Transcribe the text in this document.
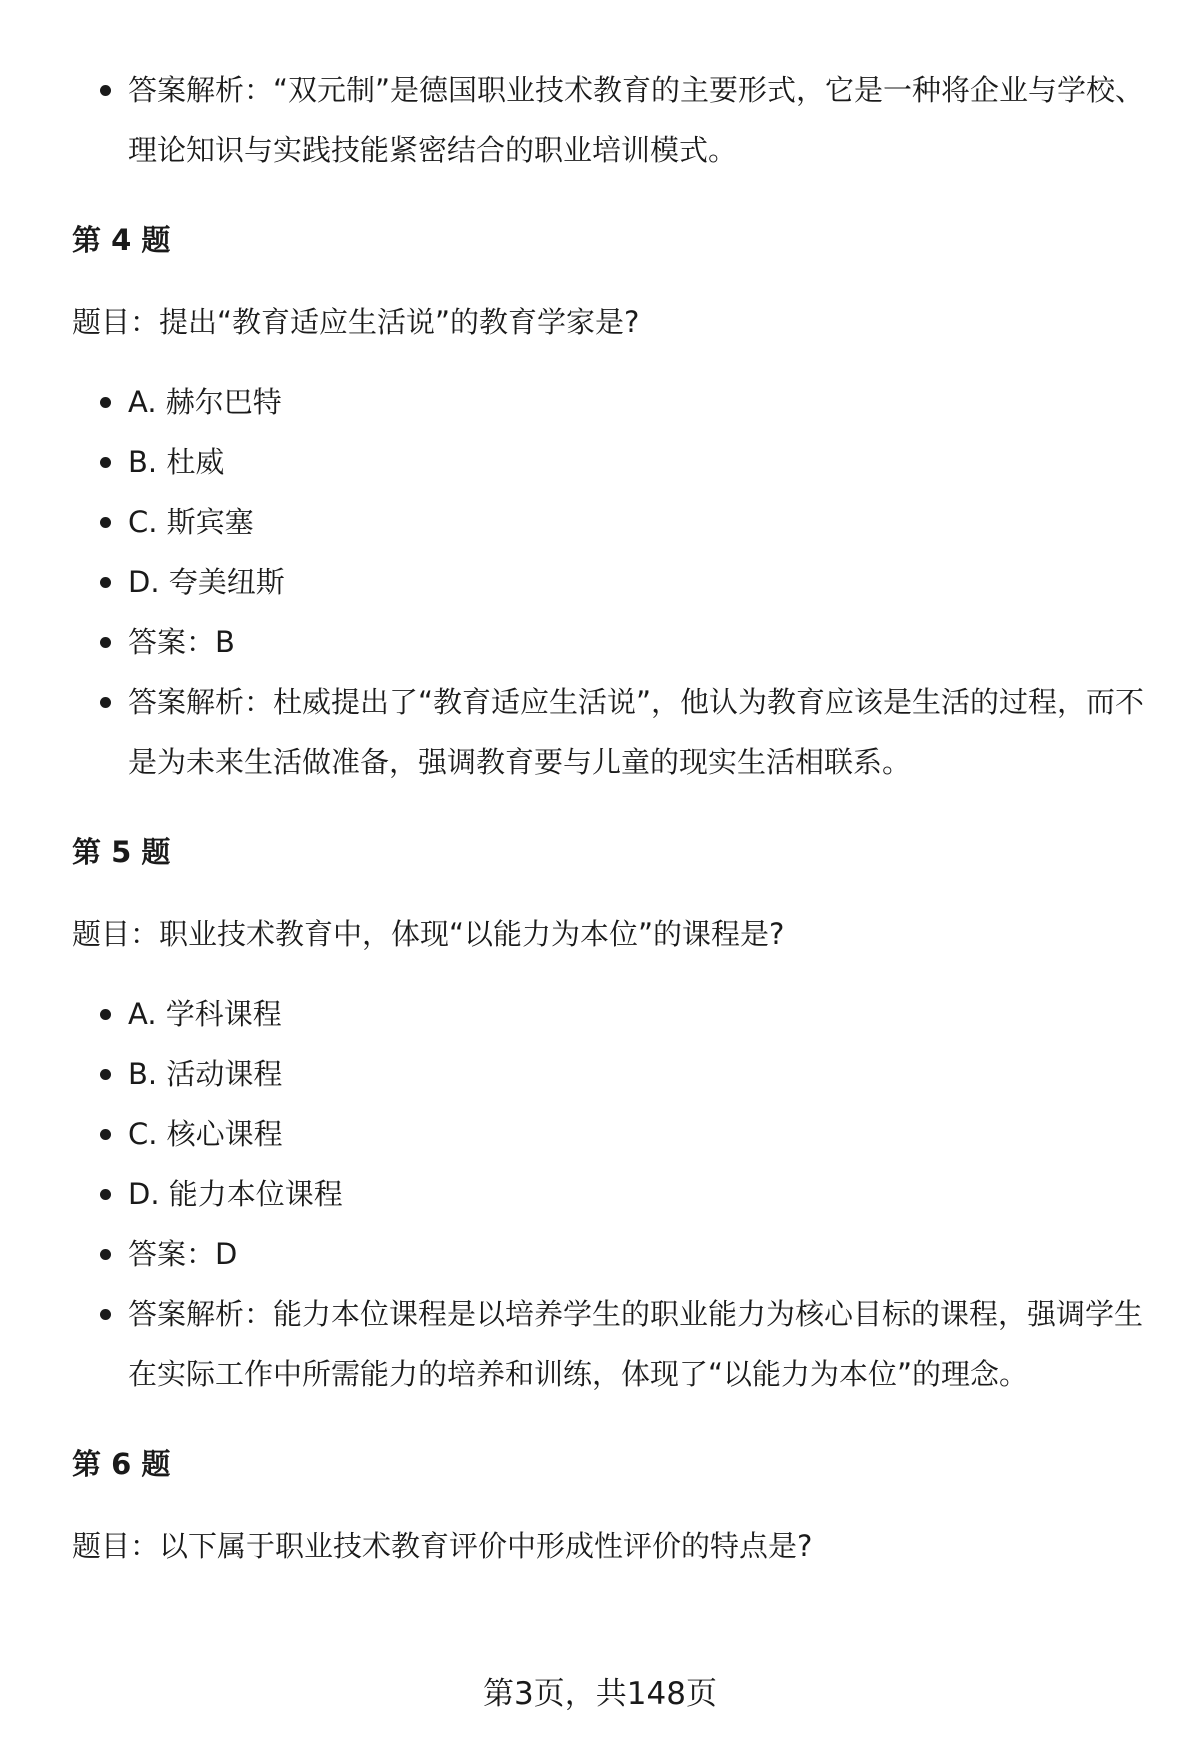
答案解析：“双元制”是德国职业技术教育的主要形式，它是一种将企业与学校、理论知识与实践技能紧密结合的职业培训模式。
第 4 题
题目：提出“教育适应生活说”的教育学家是?
A. 赫尔巴特
B. 杜威
C. 斯宾塞
D. 夸美纽斯
答案：B
答案解析：杜威提出了“教育适应生活说”，他认为教育应该是生活的过程，而不是为未来生活做准备，强调教育要与儿童的现实生活相联系。
第 5 题
题目：职业技术教育中，体现“以能力为本位”的课程是?
A. 学科课程
B. 活动课程
C. 核心课程
D. 能力本位课程
答案：D
答案解析：能力本位课程是以培养学生的职业能力为核心目标的课程，强调学生在实际工作中所需能力的培养和训练，体现了“以能力为本位”的理念。
第 6 题
题目：以下属于职业技术教育评价中形成性评价的特点是?
第3页，共148页
